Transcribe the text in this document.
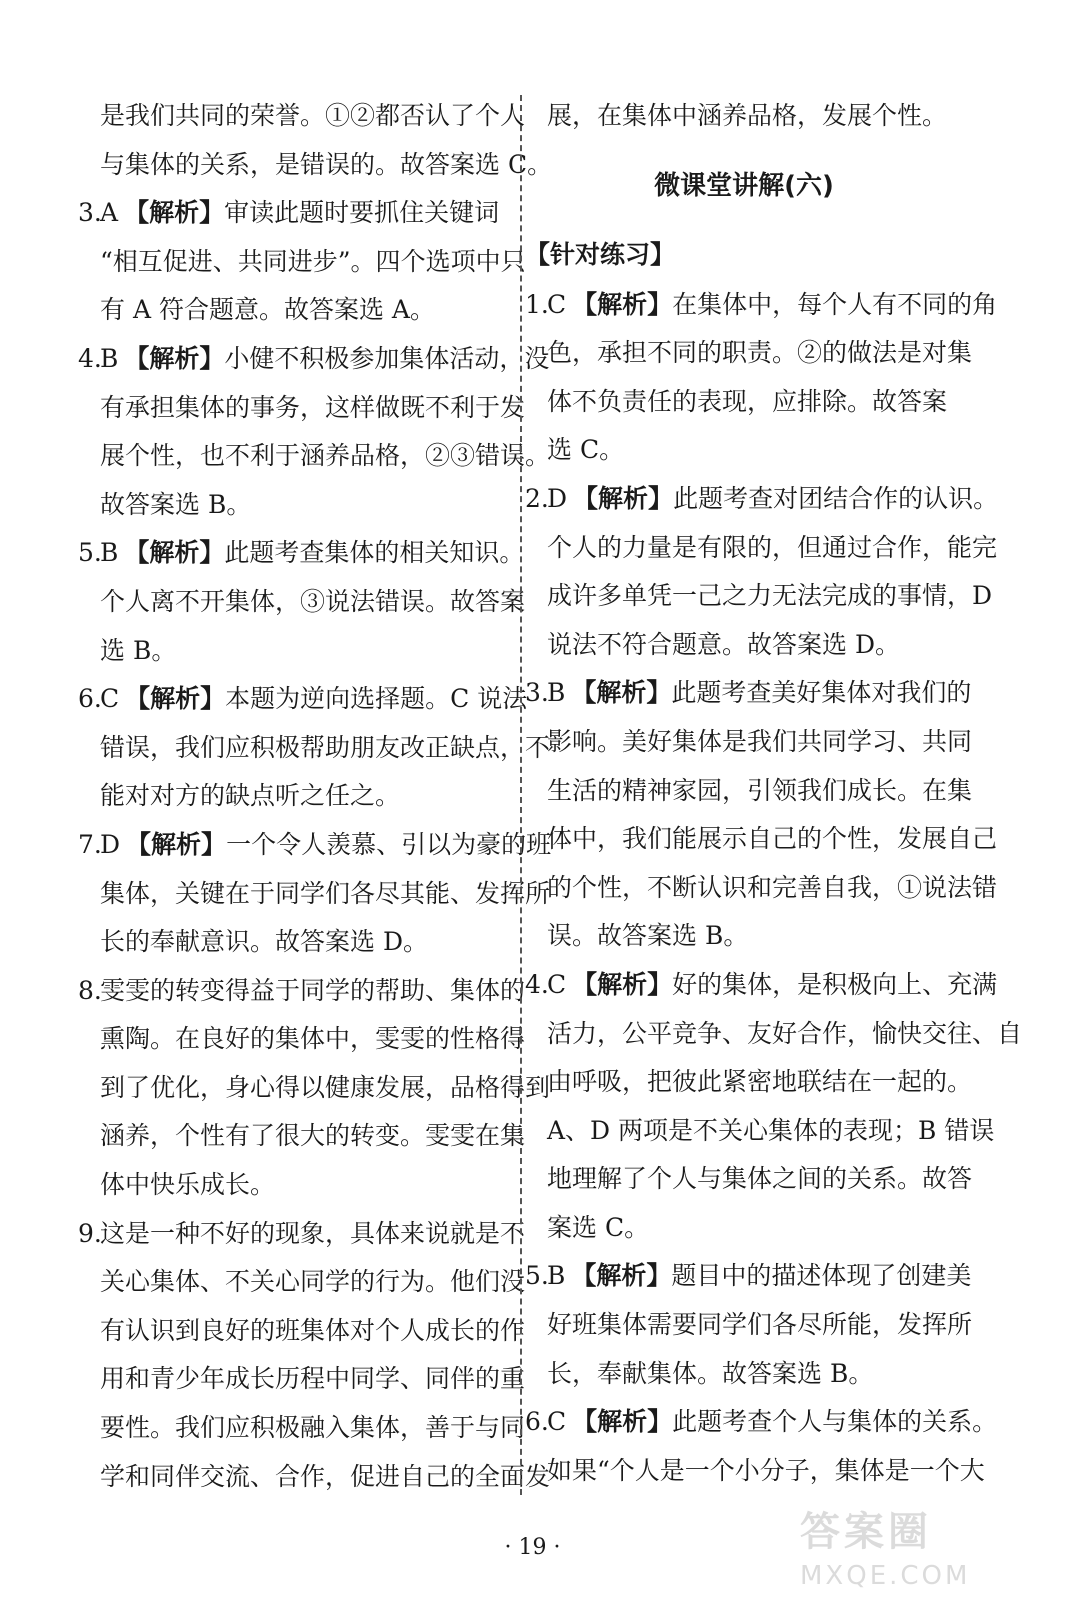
是我们共同的荣誉。①②都否认了个人
与集体的关系，是错误的。故答案选 C。
3.A 【解析】审读此题时要抓住关键词
“相互促进、共同进步”。四个选项中只
有 A 符合题意。故答案选 A。
4.B 【解析】小健不积极参加集体活动，没
有承担集体的事务，这样做既不利于发
展个性，也不利于涵养品格，②③错误。
故答案选 B。
5.B 【解析】此题考查集体的相关知识。
个人离不开集体，③说法错误。故答案
选 B。
6.C 【解析】本题为逆向选择题。C 说法
错误，我们应积极帮助朋友改正缺点，不
能对对方的缺点听之任之。
7.D 【解析】一个令人羡慕、引以为豪的班
集体，关键在于同学们各尽其能、发挥所
长的奉献意识。故答案选 D。
8.雯雯的转变得益于同学的帮助、集体的
熏陶。在良好的集体中，雯雯的性格得
到了优化，身心得以健康发展，品格得到
涵养，个性有了很大的转变。雯雯在集
体中快乐成长。
9.这是一种不好的现象，具体来说就是不
关心集体、不关心同学的行为。他们没
有认识到良好的班集体对个人成长的作
用和青少年成长历程中同学、同伴的重
要性。我们应积极融入集体，善于与同
学和同伴交流、合作，促进自己的全面发
展，在集体中涵养品格，发展个性。
微课堂讲解(六)
【针对练习】
1.C 【解析】在集体中，每个人有不同的角
色，承担不同的职责。②的做法是对集
体不负责任的表现，应排除。故答案
选 C。
2.D 【解析】此题考查对团结合作的认识。
个人的力量是有限的，但通过合作，能完
成许多单凭一己之力无法完成的事情，D
说法不符合题意。故答案选 D。
3.B 【解析】此题考查美好集体对我们的
影响。美好集体是我们共同学习、共同
生活的精神家园，引领我们成长。在集
体中，我们能展示自己的个性，发展自己
的个性，不断认识和完善自我，①说法错
误。故答案选 B。
4.C 【解析】好的集体，是积极向上、充满
活力，公平竞争、友好合作，愉快交往、自
由呼吸，把彼此紧密地联结在一起的。
A、D 两项是不关心集体的表现；B 错误
地理解了个人与集体之间的关系。故答
案选 C。
5.B 【解析】题目中的描述体现了创建美
好班集体需要同学们各尽所能，发挥所
长，奉献集体。故答案选 B。
6.C 【解析】此题考查个人与集体的关系。
如果“个人是一个小分子，集体是一个大
· 19 ·	答案圈
MXQE.COM
